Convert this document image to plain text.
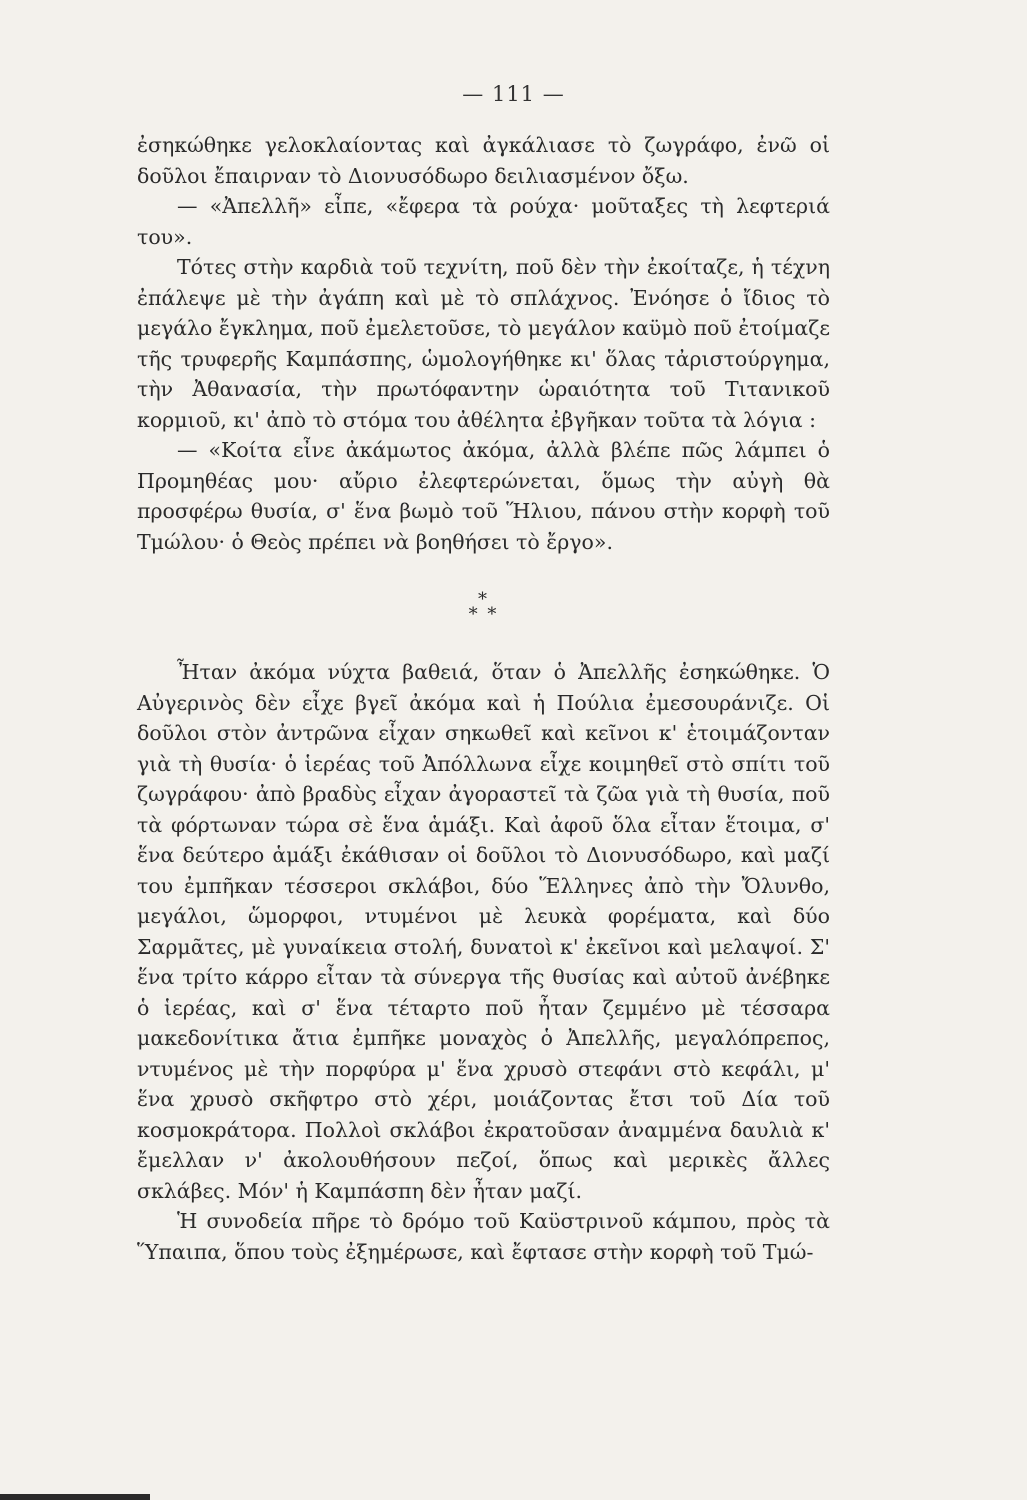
— 111 —

ἐσηκώθηκε γελοκλαίοντας καὶ ἀγκάλιασε τὸ ζωγράφο, ἐνῶ οἱ δοῦλοι ἔπαιρναν τὸ Διονυσόδωρο δειλιασμένον ὄξω.

— «Ἀπελλῆ» εἶπε, «ἔφερα τὰ ρούχα· μοῦταξες τὴ λεφτεριά του».

Τότες στὴν καρδιὰ τοῦ τεχνίτη, ποῦ δὲν τὴν ἐκοίταζε, ἡ τέχνη ἐπάλεψε μὲ τὴν ἀγάπη καὶ μὲ τὸ σπλάχνος. Ἐνόησε ὁ ἴδιος τὸ μεγάλο ἔγκλημα, ποῦ ἐμελετοῦσε, τὸ μεγάλον καϋμὸ ποῦ ἐτοίμαζε τῆς τρυφερῆς Καμπάσπης, ὡμολογήθηκε κι' ὅλας τἀριστούργημα, τὴν Ἀθανασία, τὴν πρωτόφαντην ὡραιότητα τοῦ Τιτανικοῦ κορμιοῦ, κι' ἀπὸ τὸ στόμα του ἀθέλητα ἐβγῆκαν τοῦτα τὰ λόγια :

— «Κοίτα εἶνε ἀκάμωτος ἀκόμα, ἀλλὰ βλέπε πῶς λάμπει ὁ Προμηθέας μου· αὔριο ἐλεφτερώνεται, ὅμως τὴν αὐγὴ θὰ προσφέρω θυσία, σ' ἕνα βωμὸ τοῦ Ἥλιου, πάνου στὴν κορφὴ τοῦ Τμώλου· ὁ Θεὸς πρέπει νὰ βοηθήσει τὸ ἔργο».

*
* *

Ἦταν ἀκόμα νύχτα βαθειά, ὅταν ὁ Ἀπελλῆς ἐσηκώθηκε. Ὁ Αὐγερινὸς δὲν εἶχε βγεῖ ἀκόμα καὶ ἡ Πούλια ἐμεσουράνιζε. Οἱ δοῦλοι στὸν ἀντρῶνα εἶχαν σηκωθεῖ καὶ κεῖνοι κ' ἑτοιμάζονταν γιὰ τὴ θυσία· ὁ ἱερέας τοῦ Ἀπόλλωνα εἶχε κοιμηθεῖ στὸ σπίτι τοῦ ζωγράφου· ἀπὸ βραδὺς εἶχαν ἀγοραστεῖ τὰ ζῶα γιὰ τὴ θυσία, ποῦ τὰ φόρτωναν τώρα σὲ ἕνα ἁμάξι. Καὶ ἀφοῦ ὅλα εἶταν ἕτοιμα, σ' ἕνα δεύτερο ἁμάξι ἐκάθισαν οἱ δοῦλοι τὸ Διονυσόδωρο, καὶ μαζί του ἐμπῆκαν τέσσεροι σκλάβοι, δύο Ἕλληνες ἀπὸ τὴν Ὄλυνθο, μεγάλοι, ὥμορφοι, ντυμένοι μὲ λευκὰ φορέματα, καὶ δύο Σαρμᾶτες, μὲ γυναίκεια στολή, δυνατοὶ κ' ἐκεῖνοι καὶ μελαψοί. Σ' ἕνα τρίτο κάρρο εἶταν τὰ σύνεργα τῆς θυσίας καὶ αὐτοῦ ἀνέβηκε ὁ ἱερέας, καὶ σ' ἕνα τέταρτο ποῦ ἦταν ζεμμένο μὲ τέσσαρα μακεδονίτικα ἄτια ἐμπῆκε μοναχὸς ὁ Ἀπελλῆς, μεγαλόπρεπος, ντυμένος μὲ τὴν πορφύρα μ' ἕνα χρυσὸ στεφάνι στὸ κεφάλι, μ' ἕνα χρυσὸ σκῆφτρο στὸ χέρι, μοιάζοντας ἔτσι τοῦ Δία τοῦ κοσμοκράτορα. Πολλοὶ σκλάβοι ἐκρατοῦσαν ἀναμμένα δαυλιὰ κ' ἔμελλαν ν' ἀκολουθήσουν πεζοί, ὅπως καὶ μερικὲς ἄλλες σκλάβες. Μόν' ἡ Καμπάσπη δὲν ἦταν μαζί.

Ἡ συνοδεία πῆρε τὸ δρόμο τοῦ Καϋστρινοῦ κάμπου, πρὸς τὰ Ὕπαιπα, ὅπου τοὺς ἐξημέρωσε, καὶ ἔφτασε στὴν κορφὴ τοῦ Τμώ-
